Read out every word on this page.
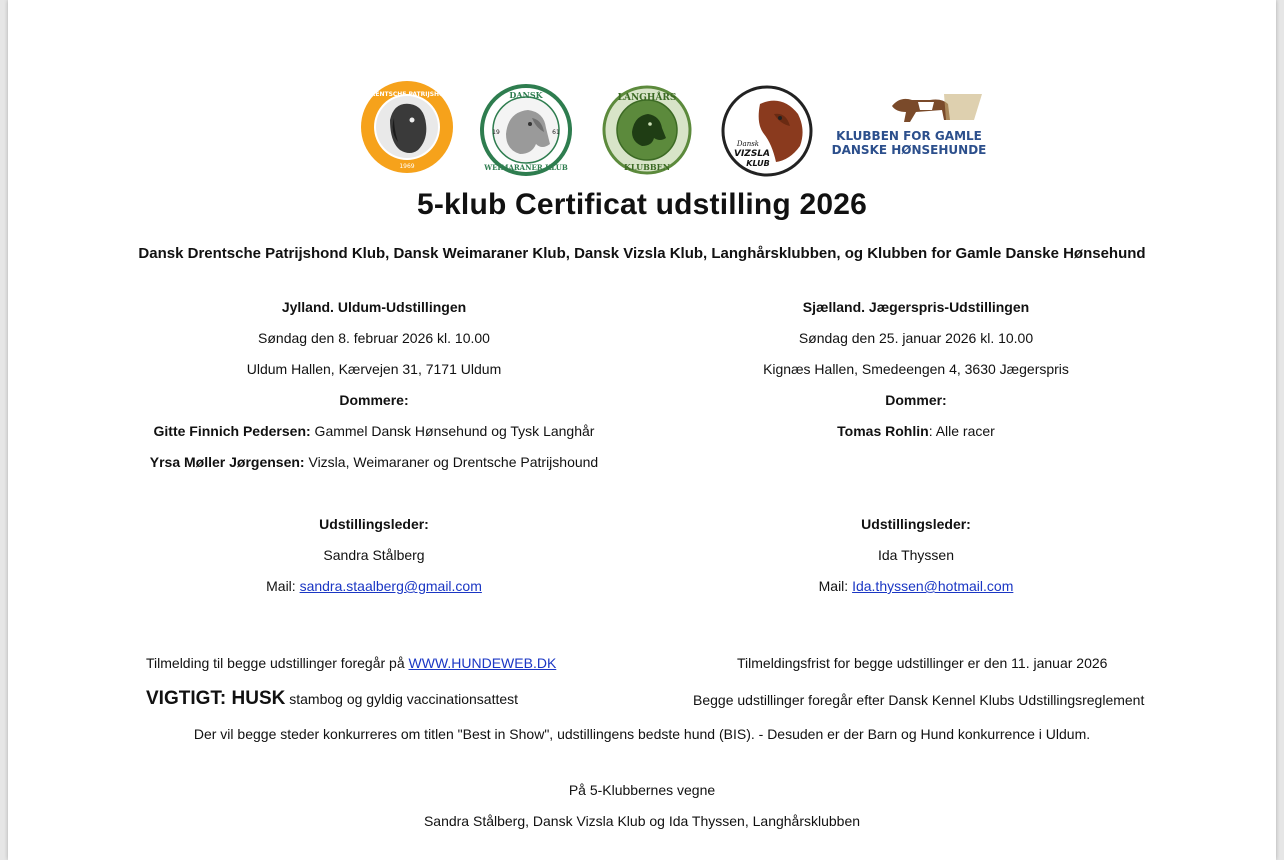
DANSK DRENTSCHE PATRIJSHOND KLUB
1969
DANSK
WEIMARANER KLUB
19	61
LANGHÅRS
KLUBBEN
Dansk
VIZSLA
KLUB
KLUBBEN FOR GAMLE
DANSKE HØNSEHUNDE
5-klub Certificat udstilling 2026
Dansk Drentsche Patrijshond Klub, Dansk Weimaraner Klub, Dansk Vizsla Klub, Langhårsklubben, og Klubben for Gamle Danske Hønsehund
Jylland. Uldum-Udstillingen
Søndag den 8. februar 2026 kl. 10.00
Uldum Hallen, Kærvejen 31, 7171 Uldum
Dommere:
Gitte Finnich Pedersen: Gammel Dansk Hønsehund og Tysk Langhår
Yrsa Møller Jørgensen: Vizsla, Weimaraner og Drentsche Patrijshound
Udstillingsleder:
Sandra Stålberg
Mail: sandra.staalberg@gmail.com
Sjælland. Jægerspris-Udstillingen
Søndag den 25. januar 2026 kl. 10.00
Kignæs Hallen, Smedeengen 4, 3630 Jægerspris
Dommer:
Tomas Rohlin: Alle racer
Udstillingsleder:
Ida Thyssen
Mail: Ida.thyssen@hotmail.com
Tilmelding til begge udstillinger foregår på WWW.HUNDEWEB.DK	Tilmeldingsfrist for begge udstillinger er den 11. januar 2026
VIGTIGT: HUSK stambog og gyldig vaccinationsattest	Begge udstillinger foregår efter Dansk Kennel Klubs Udstillingsreglement
Der vil begge steder konkurreres om titlen "Best in Show", udstillingens bedste hund (BIS). - Desuden er der Barn og Hund konkurrence i Uldum.
På 5-Klubbernes vegne
Sandra Stålberg, Dansk Vizsla Klub og Ida Thyssen, Langhårsklubben
